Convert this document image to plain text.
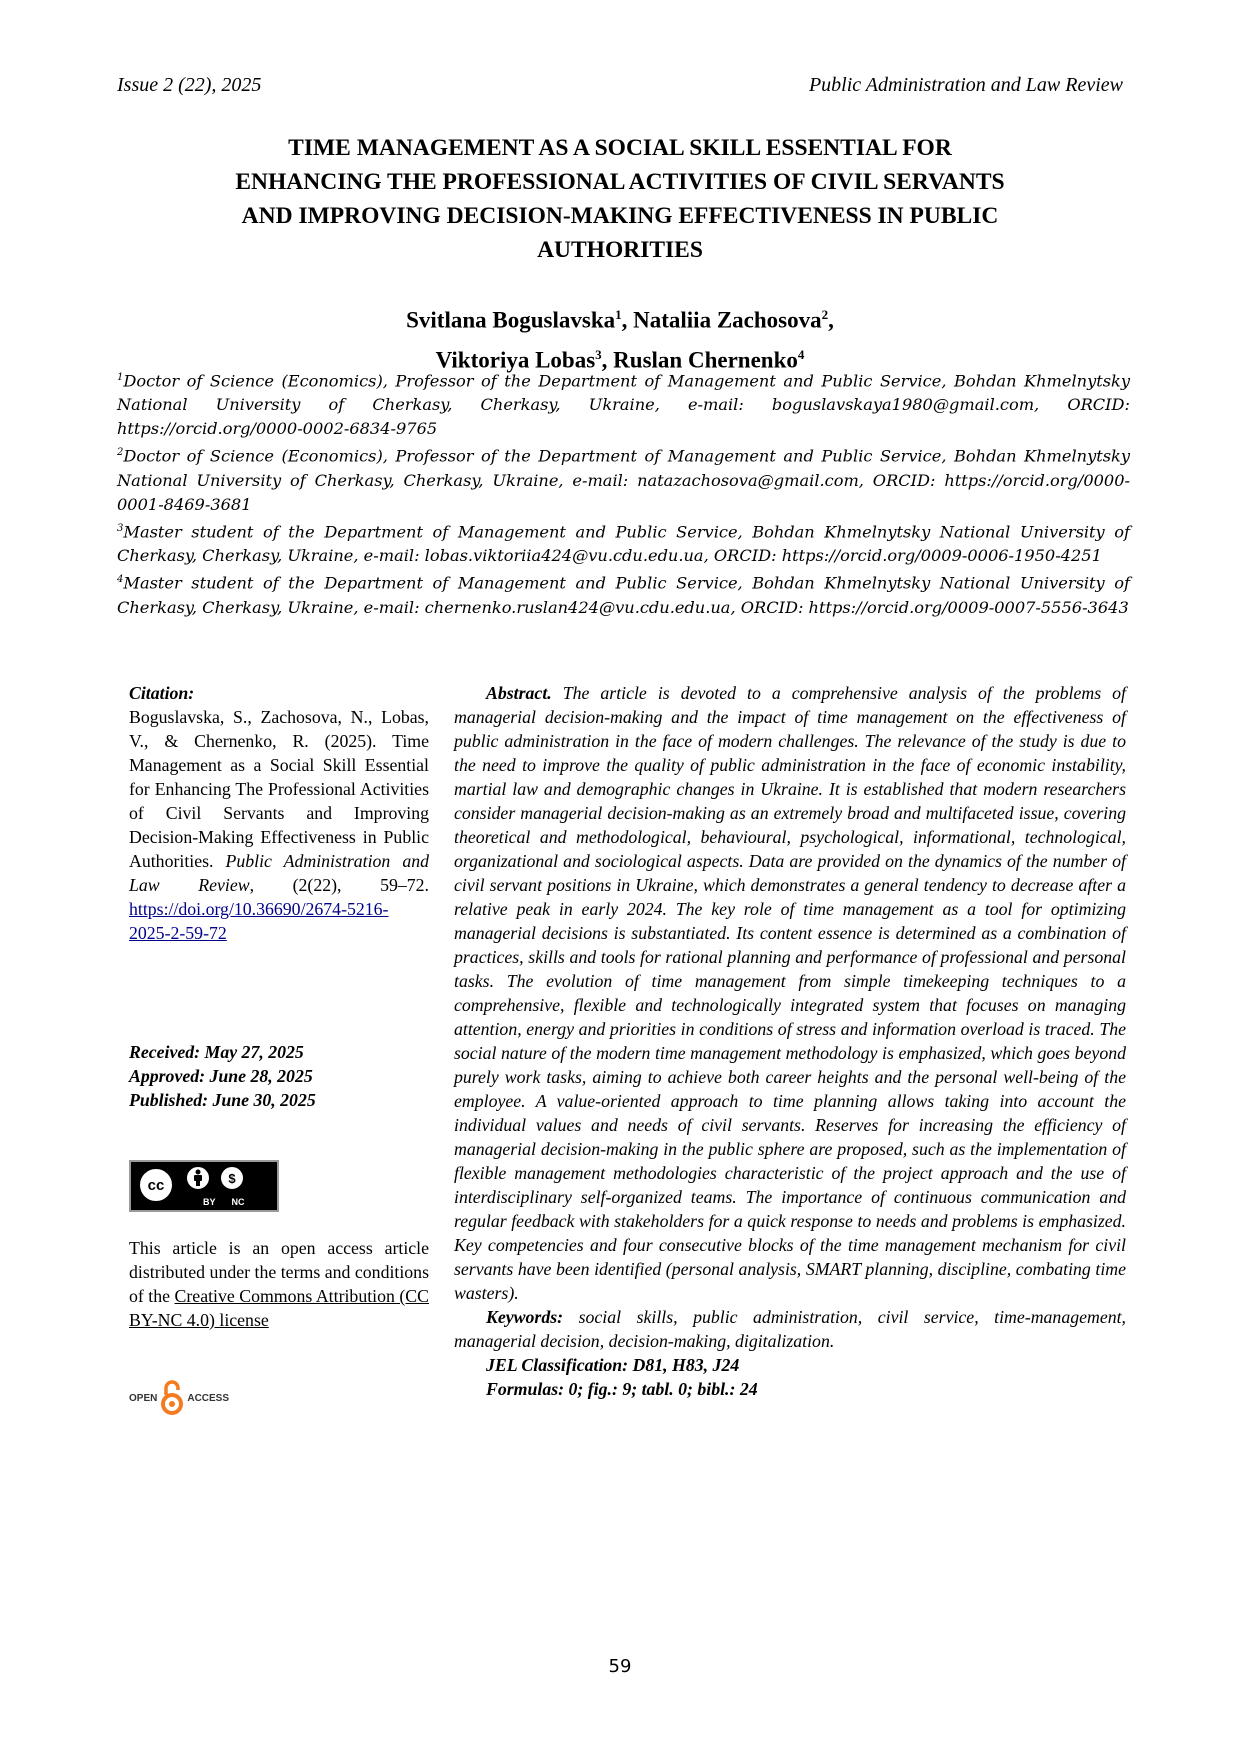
Issue 2 (22), 2025	Public Administration and Law Review
TIME MANAGEMENT AS A SOCIAL SKILL ESSENTIAL FOR
ENHANCING THE PROFESSIONAL ACTIVITIES OF CIVIL SERVANTS
AND IMPROVING DECISION-MAKING EFFECTIVENESS IN PUBLIC
AUTHORITIES
Svitlana Boguslavska$^1$, Nataliia Zachosova$^2$,
Viktoriya Lobas$^3$, Ruslan Chernenko$^4$

$^1$Doctor of Science (Economics), Professor of the Department of Management and Public Service, Bohdan Khmelnytsky National University of Cherkasy, Cherkasy, Ukraine, e-mail: boguslavskaya1980@gmail.com, ORCID: https://orcid.org/0000-0002-6834-9765

$^2$Doctor of Science (Economics), Professor of the Department of Management and Public Service, Bohdan Khmelnytsky National University of Cherkasy, Cherkasy, Ukraine, e-mail: natazachosova@gmail.com, ORCID: https://orcid.org/0000-0001-8469-3681

$^3$Master student of the Department of Management and Public Service, Bohdan Khmelnytsky National University of Cherkasy, Cherkasy, Ukraine, e-mail: lobas.viktoriia424@vu.cdu.edu.ua, ORCID: https://orcid.org/0009-0006-1950-4251

$^4$Master student of the Department of Management and Public Service, Bohdan Khmelnytsky National University of Cherkasy, Cherkasy, Ukraine, e-mail: chernenko.ruslan424@vu.cdu.edu.ua, ORCID: https://orcid.org/0009-0007-5556-3643

Citation:
Boguslavska, S., Zachosova, N., Lobas, V., & Chernenko, R. (2025). Time Management as a Social Skill Essential for Enhancing The Professional Activities of Civil Servants and Improving Decision-Making Effectiveness in Public Authorities. Public Administration and Law Review, (2(22), 59–72. https://doi.org/10.36690/2674-5216-2025-2-59-72
Received: May 27, 2025
Approved: June 28, 2025
Published: June 30, 2025
cc	$
BY NC
This article is an open access article distributed under the terms and conditions of the Creative Commons Attribution (CC BY-NC 4.0) license
OPEN	ACCESS

Abstract. The article is devoted to a comprehensive analysis of the problems of managerial decision-making and the impact of time management on the effectiveness of public administration in the face of modern challenges. The relevance of the study is due to the need to improve the quality of public administration in the face of economic instability, martial law and demographic changes in Ukraine. It is established that modern researchers consider managerial decision-making as an extremely broad and multifaceted issue, covering theoretical and methodological, behavioural, psychological, informational, technological, organizational and sociological aspects. Data are provided on the dynamics of the number of civil servant positions in Ukraine, which demonstrates a general tendency to decrease after a relative peak in early 2024. The key role of time management as a tool for optimizing managerial decisions is substantiated. Its content essence is determined as a combination of practices, skills and tools for rational planning and performance of professional and personal tasks. The evolution of time management from simple timekeeping techniques to a comprehensive, flexible and technologically integrated system that focuses on managing attention, energy and priorities in conditions of stress and information overload is traced. The social nature of the modern time management methodology is emphasized, which goes beyond purely work tasks, aiming to achieve both career heights and the personal well-being of the employee. A value-oriented approach to time planning allows taking into account the individual values and needs of civil servants. Reserves for increasing the efficiency of managerial decision-making in the public sphere are proposed, such as the implementation of flexible management methodologies characteristic of the project approach and the use of interdisciplinary self-organized teams. The importance of continuous communication and regular feedback with stakeholders for a quick response to needs and problems is emphasized. Key competencies and four consecutive blocks of the time management mechanism for civil servants have been identified (personal analysis, SMART planning, discipline, combating time wasters).

Keywords: social skills, public administration, civil service, time-management, managerial decision, decision-making, digitalization.

JEL Classification: D81, H83, J24

Formulas: 0; fig.: 9; tabl. 0; bibl.: 24

59
